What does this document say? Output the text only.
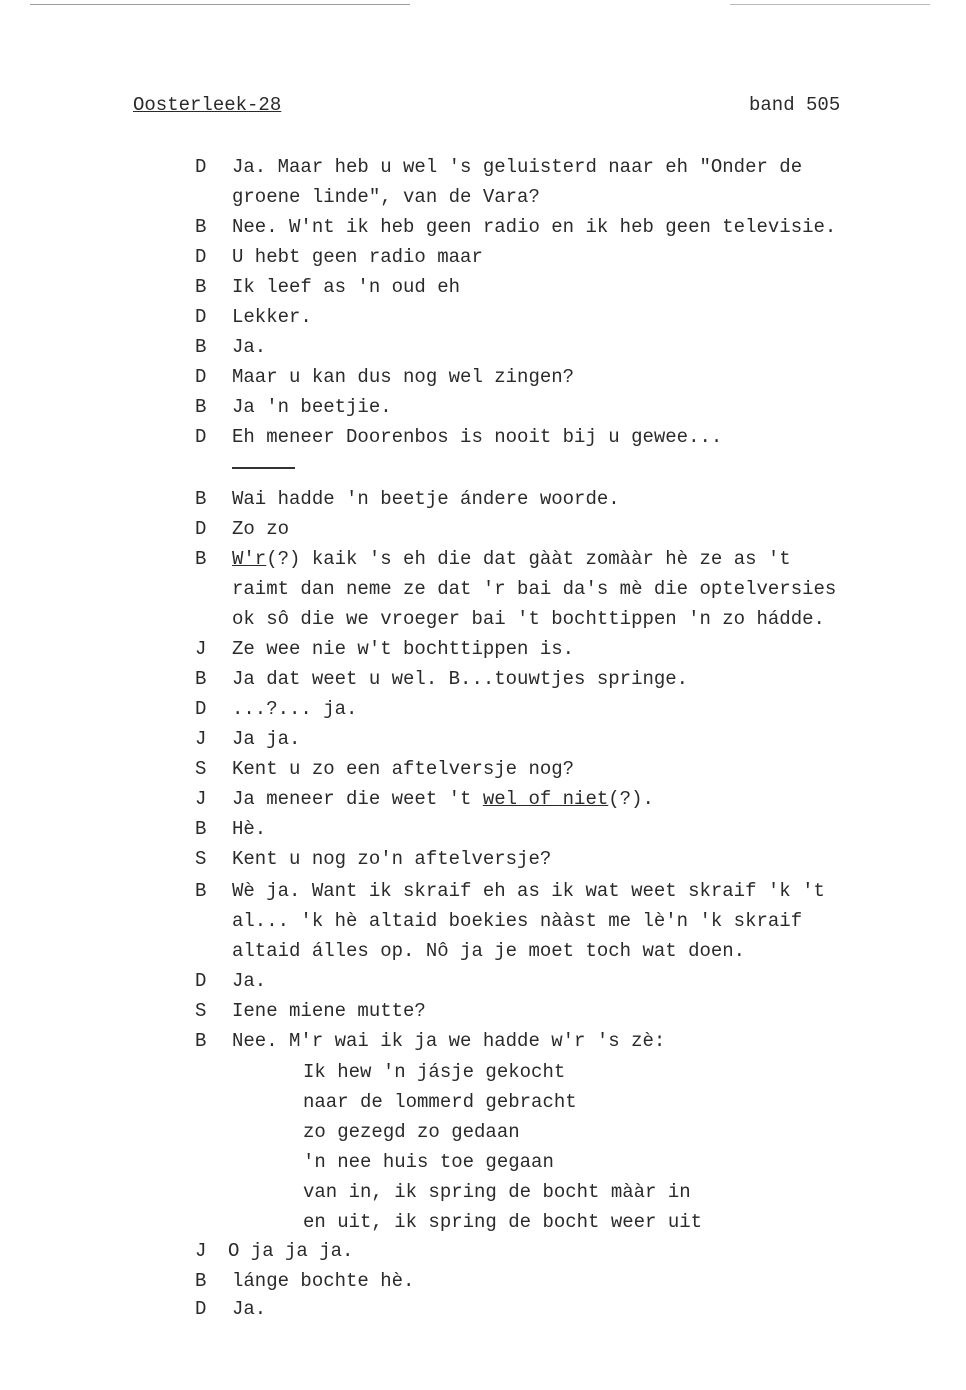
Oosterleek-28	band 505
D	Ja. Maar heb u wel 's geluisterd naar eh "Onder de
groene linde", van de Vara?
B	Nee. W'nt ik heb geen radio en ik heb geen televisie.
D	U hebt geen radio maar
B	Ik leef as 'n oud eh
D	Lekker.
B	Ja.
D	Maar u kan dus nog wel zingen?
B	Ja 'n beetjie.
D	Eh meneer Doorenbos is nooit bij u gewee...
B	Wai hadde 'n beetje ándere woorde.
D	Zo zo
B	W'r(?) kaik 's eh die dat gààt zomààr hè ze as 't
raimt dan neme ze dat 'r bai da's mè die optelversies
ok sô die we vroeger bai 't bochttippen 'n zo hádde.
J	Ze wee nie w't bochttippen is.
B	Ja dat weet u wel. B...touwtjes springe.
D	...?... ja.
J	Ja ja.
S	Kent u zo een aftelversje nog?
J	Ja meneer die weet 't wel of niet(?).
B	Hè.
S	Kent u nog zo'n aftelversje?
B	Wè ja. Want ik skraif eh as ik wat weet skraif 'k 't
al... 'k hè altaid boekies nààst me lè'n 'k skraif
altaid álles op. Nô ja je moet toch wat doen.
D	Ja.
S	Iene miene mutte?
B	Nee. M'r wai ik ja we hadde w'r 's zè:
Ik hew 'n jásje gekocht
naar de lommerd gebracht
zo gezegd zo gedaan
'n nee huis toe gegaan
van in, ik spring de bocht mààr in
en uit, ik spring de bocht weer uit
J	O ja ja ja.
B	lánge bochte hè.
D	Ja.
